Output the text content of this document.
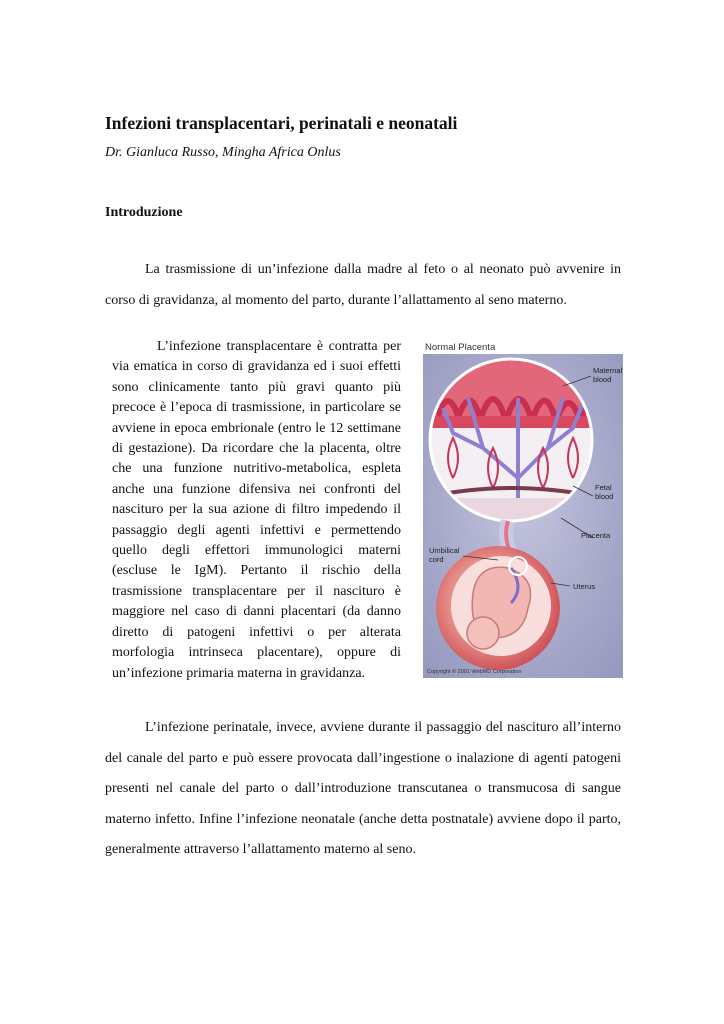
Infezioni transplacentari, perinatali e neonatali
Dr. Gianluca Russo, Mingha Africa Onlus
Introduzione

La trasmissione di un’infezione dalla madre al feto o al neonato può avvenire in corso di gravidanza, al momento del parto, durante l’allattamento al seno materno.

L’infezione transplacentare è contratta per via ematica in corso di gravidanza ed i suoi effetti sono clinicamente tanto più gravi quanto più precoce è l’epoca di trasmissione, in particolare se avviene in epoca embrionale (entro le 12 settimane di gestazione). Da ricordare che la placenta, oltre che una funzione nutritivo-metabolica, espleta anche una funzione difensiva nei confronti del nascituro per la sua azione di filtro impedendo il passaggio degli agenti infettivi e permettendo quello degli effettori immunologici materni (escluse le IgM). Pertanto il rischio della trasmissione transplacentare per il nascituro è maggiore nel caso di danni placentari (da danno diretto di patogeni infettivi o per alterata morfologia intrinseca placentare), oppure di un’infezione primaria materna in gravidanza.

Normal Placenta
Maternal
blood
Fetal
blood
Placenta
Umbilical
cord
Uterus
Copyright © 2001 WebMD Corporation

L’infezione perinatale, invece, avviene durante il passaggio del nascituro all’interno del canale del parto e può essere provocata dall’ingestione o inalazione di agenti patogeni presenti nel canale del parto o dall’introduzione transcutanea o transmucosa di sangue materno infetto. Infine l’infezione neonatale (anche detta postnatale) avviene dopo il parto, generalmente attraverso l’allattamento materno al seno.
